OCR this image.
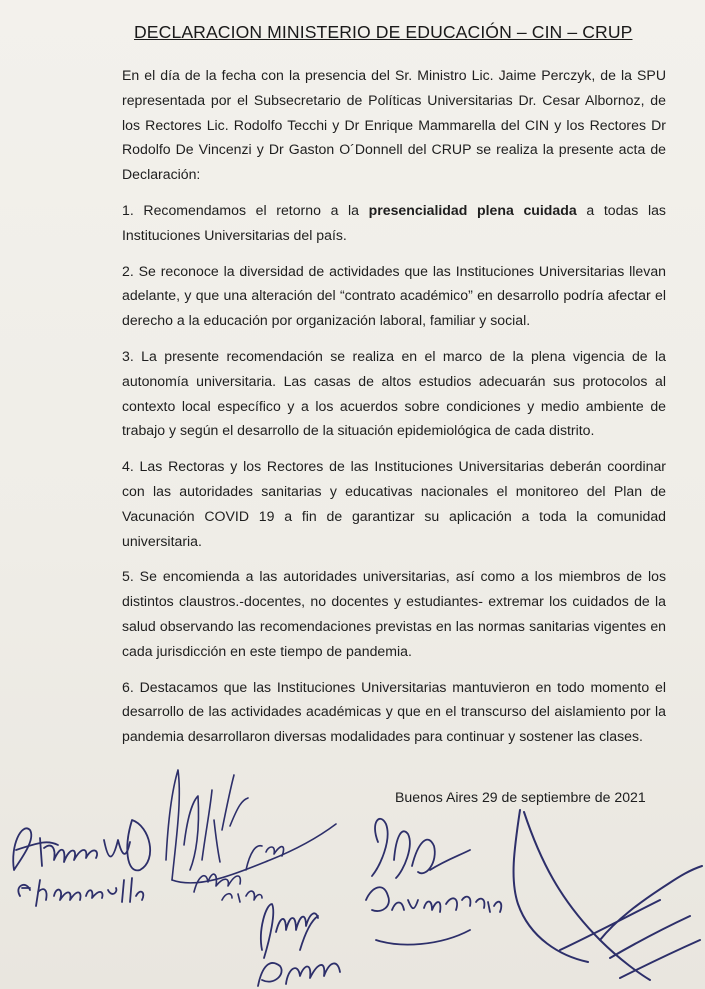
DECLARACION MINISTERIO DE EDUCACIÓN – CIN – CRUP

En el día de la fecha con la presencia del Sr. Ministro Lic. Jaime Perczyk, de la SPU representada por el Subsecretario de Políticas Universitarias Dr. Cesar Albornoz, de los Rectores Lic. Rodolfo Tecchi y Dr Enrique Mammarella del CIN y los Rectores Dr Rodolfo De Vincenzi y Dr Gaston O´Donnell del CRUP se realiza la presente acta de Declaración:

1. Recomendamos el retorno a la presencialidad plena cuidada a todas las Instituciones Universitarias del país.

2. Se reconoce la diversidad de actividades que las Instituciones Universitarias llevan adelante, y que una alteración del “contrato académico” en desarrollo podría afectar el derecho a la educación por organización laboral, familiar y social.

3. La presente recomendación se realiza en el marco de la plena vigencia de la autonomía universitaria. Las casas de altos estudios adecuarán sus protocolos al contexto local específico y a los acuerdos sobre condiciones y medio ambiente de trabajo y según el desarrollo de la situación epidemiológica de cada distrito.

4. Las Rectoras y los Rectores de las Instituciones Universitarias deberán coordinar con las autoridades sanitarias y educativas nacionales el monitoreo del Plan de Vacunación COVID 19 a fin de garantizar su aplicación a toda la comunidad universitaria.

5. Se encomienda a las autoridades universitarias, así como a los miembros de los distintos claustros.-docentes, no docentes y estudiantes- extremar los cuidados de la salud observando las recomendaciones previstas en las normas sanitarias vigentes en cada jurisdicción en este tiempo de pandemia.

6. Destacamos que las Instituciones Universitarias mantuvieron en todo momento el desarrollo de las actividades académicas y que en el transcurso del aislamiento por la pandemia desarrollaron diversas modalidades para continuar y sostener las clases.

Buenos Aires 29 de septiembre de 2021
